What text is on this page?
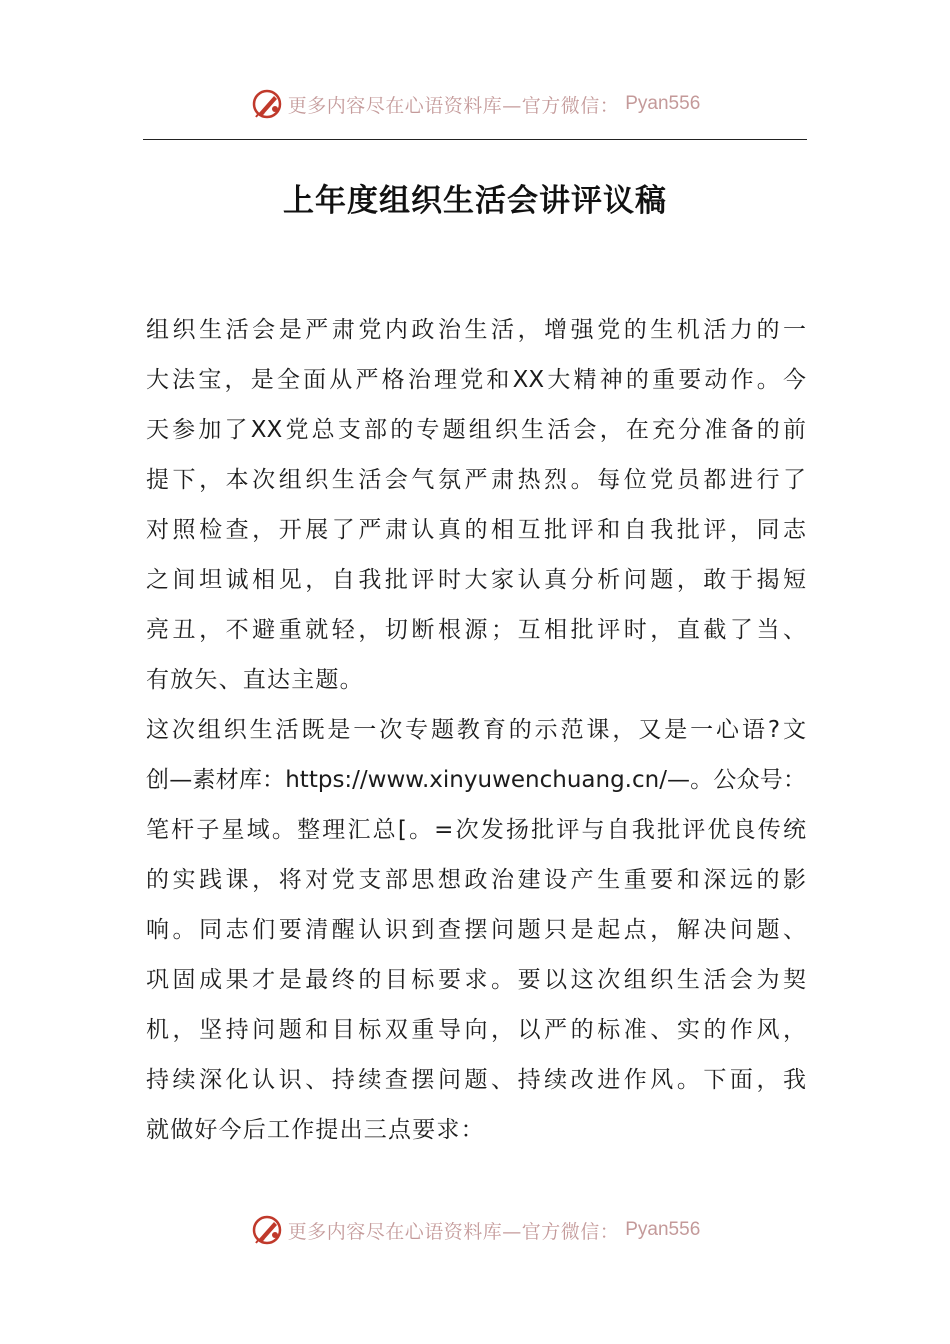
更多内容尽在心语资料库—官方微信： Pyan556
上年度组织生活会讲评议稿
组织生活会是严肃党内政治生活，增强党的生机活力的一
大法宝，是全面从严格治理党和XX大精神的重要动作。今
天参加了XX党总支部的专题组织生活会，在充分准备的前
提下，本次组织生活会气氛严肃热烈。每位党员都进行了
对照检查，开展了严肃认真的相互批评和自我批评，同志
之间坦诚相见，自我批评时大家认真分析问题，敢于揭短
亮丑，不避重就轻，切断根源；互相批评时，直截了当、
有放矢、直达主题。
这次组织生活既是一次专题教育的示范课，又是一心语?文
创—素材库：https://www.xinyuwenchuang.cn/—。公众号：
笔杆子星域。整理汇总[。=次发扬批评与自我批评优良传统
的实践课，将对党支部思想政治建设产生重要和深远的影
响。同志们要清醒认识到查摆问题只是起点，解决问题、
巩固成果才是最终的目标要求。要以这次组织生活会为契
机，坚持问题和目标双重导向，以严的标准、实的作风，
持续深化认识、持续查摆问题、持续改进作风。下面，我
就做好今后工作提出三点要求：
更多内容尽在心语资料库—官方微信： Pyan556
